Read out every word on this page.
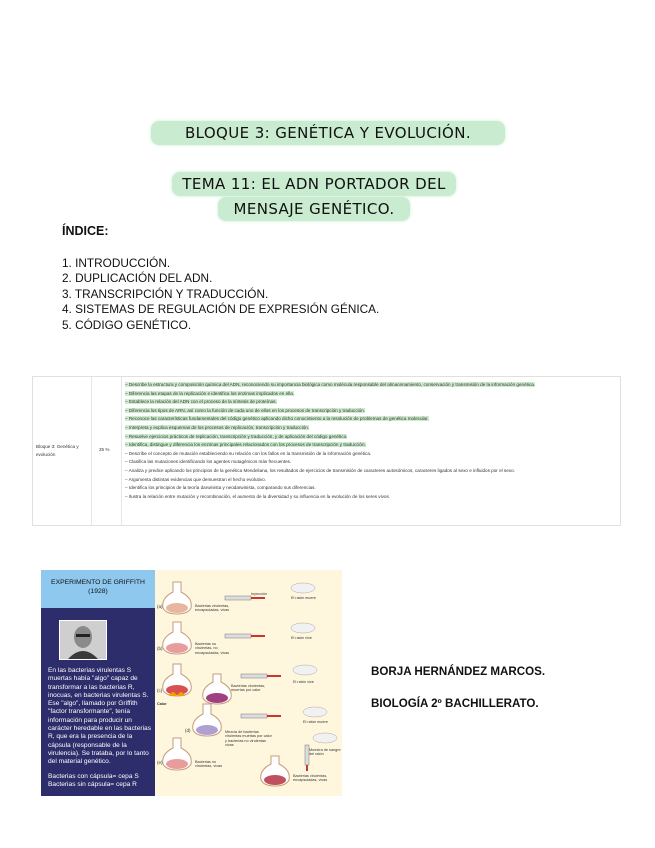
BLOQUE 3: GENÉTICA Y EVOLUCIÓN.
TEMA 11: EL ADN PORTADOR DEL
MENSAJE GENÉTICO.
ÍNDICE:
1. INTRODUCCIÓN.
2. DUPLICACIÓN DEL ADN.
3. TRANSCRIPCIÓN Y TRADUCCIÓN.
4. SISTEMAS DE REGULACIÓN DE EXPRESIÓN GÉNICA.
5. CÓDIGO GENÉTICO.
Bloque 3: Genética y evolución
25 %
– Describe la estructura y composición química del ADN, reconociendo su importancia biológica como molécula responsable del almacenamiento, conservación y transmisión de la información genética.
– Diferencia las etapas de la replicación e identifica los enzimas implicados en ella.
– Establece la relación del ADN con el proceso de la síntesis de proteínas.
– Diferencia los tipos de ARN, así como la función de cada uno de ellos en los procesos de transcripción y traducción.
– Reconoce las características fundamentales del código genético aplicando dicho conocimiento a la resolución de problemas de genética molecular.
– Interpreta y explica esquemas de los procesos de replicación, transcripción y traducción.
– Resuelve ejercicios prácticos de replicación, transcripción y traducción, y de aplicación del código genético.
– Identifica, distingue y diferencia los enzimas principales relacionados con los procesos de transcripción y traducción.
– Describe el concepto de mutación estableciendo su relación con los fallos en la transmisión de la información genética.
– Clasifica las mutaciones identificando los agentes mutagénicos más frecuentes.
– Analiza y predice aplicando los principios de la genética Mendeliana, los resultados de ejercicios de transmisión de caracteres autosómicos, caracteres ligados al sexo e influidos por el sexo.
– Argumenta distintas evidencias que demuestran el hecho evolutivo.
– Identifica los principios de la teoría darwinista y neodarwinista, comparando sus diferencias.
– Ilustra la relación entre mutación y recombinación, el aumento de la diversidad y su influencia en la evolución de los seres vivos.
EXPERIMENTO DE GRIFFITH
(1928)
En las bacterias virulentas S muertas había "algo" capaz de transformar a las bacterias R, inocuas, en bacterias virulentas S. Ese "algo", llamado por Griffith "factor transformante", tenía información para producir un carácter heredable en las bacterias R, que era la presencia de la cápsula (responsable de la virulencia). Se trataba, por lo tanto del material genético.
Bacterias con cápsula= cepa S
Bacterias sin cápsula= cepa R
(a)
(b)
(c)
(d)
(e)
Bacterias virulentas, encapsuladas, vivas
Inyección
El ratón muere
Bacterias no virulentas, no encapsuladas, vivas
El ratón vive
Bacterias virulentas, muertas por calor
El ratón vive
Calor
Mezcla de bacterias virulentas muertas por calor y bacterias no virulentas vivas
El ratón muere
Bacterias no virulentas, vivas
Muestra de sangre del ratón
Bacterias virulentas, encapsuladas, vivas
BORJA HERNÁNDEZ MARCOS.
BIOLOGÍA 2º BACHILLERATO.
